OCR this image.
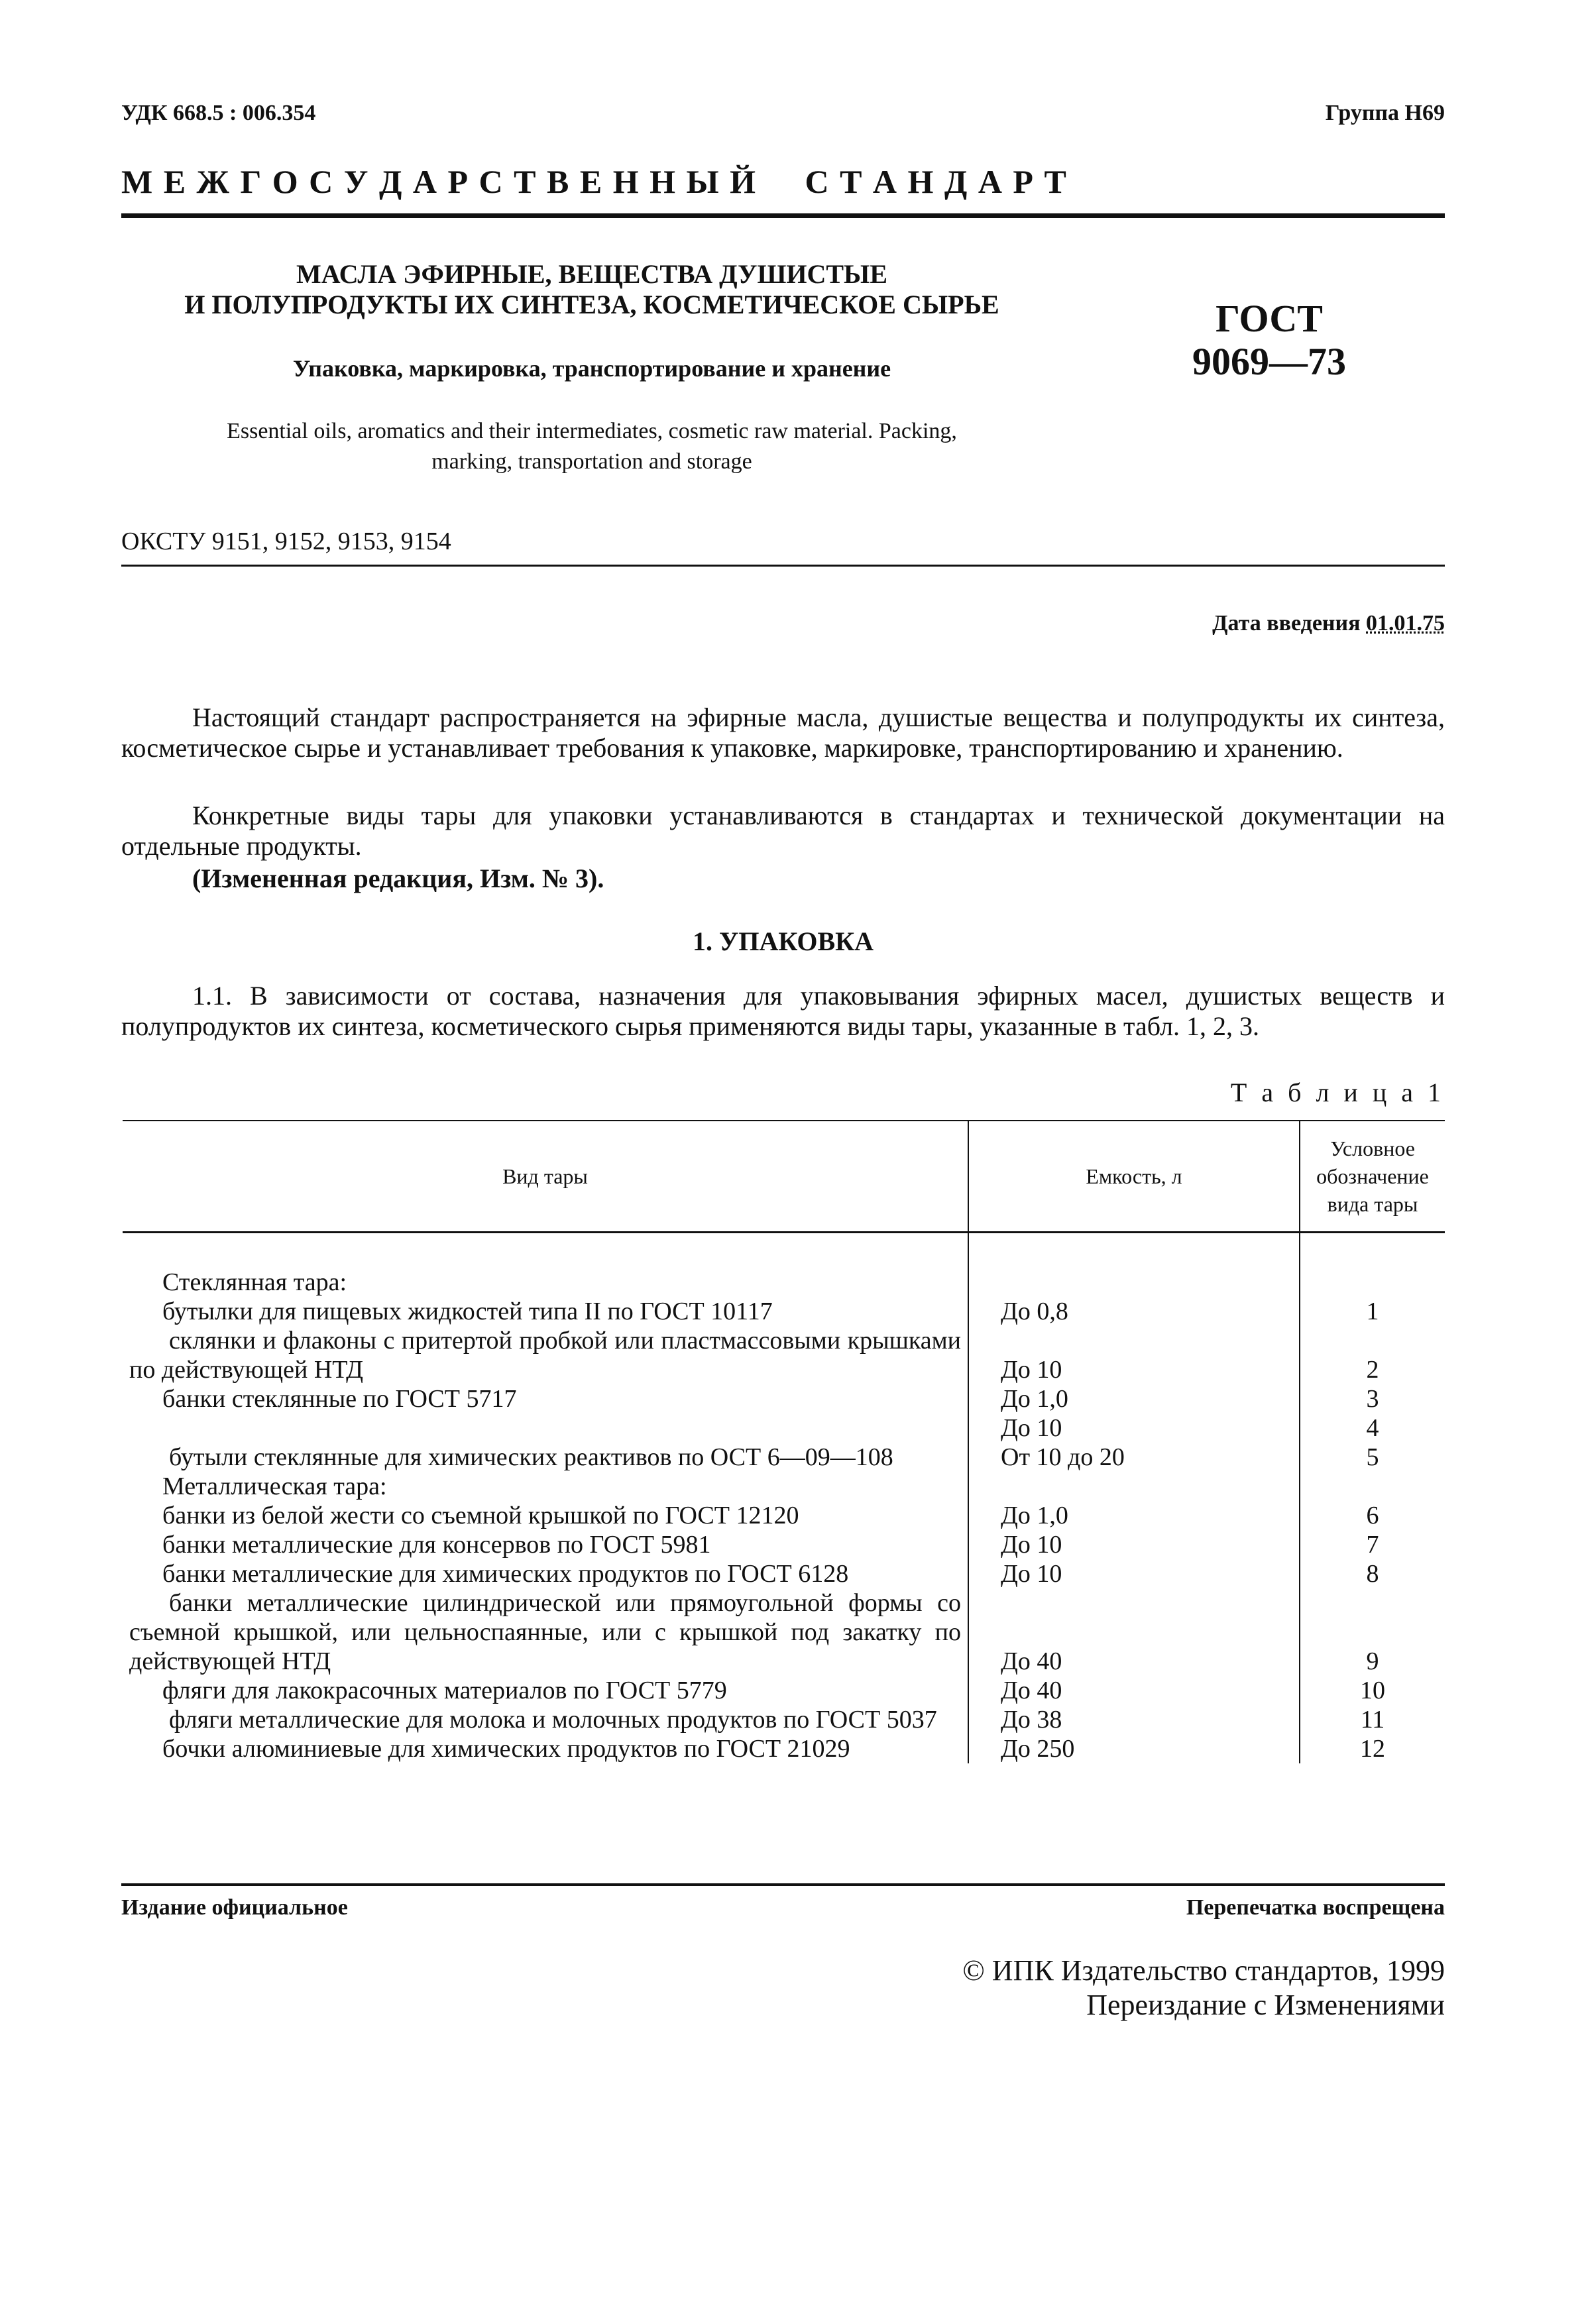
УДК 668.5 : 006.354	Группа Н69
М Е Ж Г О С У Д А Р С Т В Е Н Н Ы Й     С Т А Н Д А Р Т
МАСЛА ЭФИРНЫЕ, ВЕЩЕСТВА ДУШИСТЫЕ
И ПОЛУПРОДУКТЫ ИХ СИНТЕЗА, КОСМЕТИЧЕСКОЕ СЫРЬЕ
Упаковка, маркировка, транспортирование и хранение
Essential oils, aromatics and their intermediates, cosmetic raw material. Packing,
marking, transportation and storage
ГОСТ
9069—73
ОКСТУ 9151, 9152, 9153, 9154
Дата введения 01.01.75
Настоящий стандарт распространяется на эфирные масла, душистые вещества и полупродукты их синтеза, косметическое сырье и устанавливает требования к упаковке, маркировке, транспортированию и хранению.
Конкретные виды тары для упаковки устанавливаются в стандартах и технической документации на отдельные продукты.
(Измененная редакция, Изм. № 3).
1. УПАКОВКА
1.1. В зависимости от состава, назначения для упаковывания эфирных масел, душистых веществ и полупродуктов их синтеза, косметического сырья применяются виды тары, указанные в табл. 1, 2, 3.
Т а б л и ц а 1
Вид тары	Емкость, л	Условное обозначение вида тары
Стеклянная тара:		
бутылки для пищевых жидкостей типа II по ГОСТ 10117	До 0,8	1
склянки и флаконы с притертой пробкой или пластмассовыми крышками по действующей НТД	До 10	2
банки стеклянные по ГОСТ 5717	До 1,0	3
	До 10	4
бутыли стеклянные для химических реактивов по ОСТ 6—09—108	От 10 до 20	5
Металлическая тара:		
банки из белой жести со съемной крышкой по ГОСТ 12120	До 1,0	6
банки металлические для консервов по ГОСТ 5981	До 10	7
банки металлические для химических продуктов по ГОСТ 6128	До 10	8
банки металлические цилиндрической или прямоугольной формы со съемной крышкой, или цельноспаянные, или с крышкой под закатку по действующей НТД	До 40	9
фляги для лакокрасочных материалов по ГОСТ 5779	До 40	10
фляги металлические для молока и молочных продуктов по ГОСТ 5037	До 38	11
бочки алюминиевые для химических продуктов по ГОСТ 21029	До 250	12
Издание официальное	Перепечатка воспрещена
© ИПК Издательство стандартов, 1999
Переиздание с Изменениями
